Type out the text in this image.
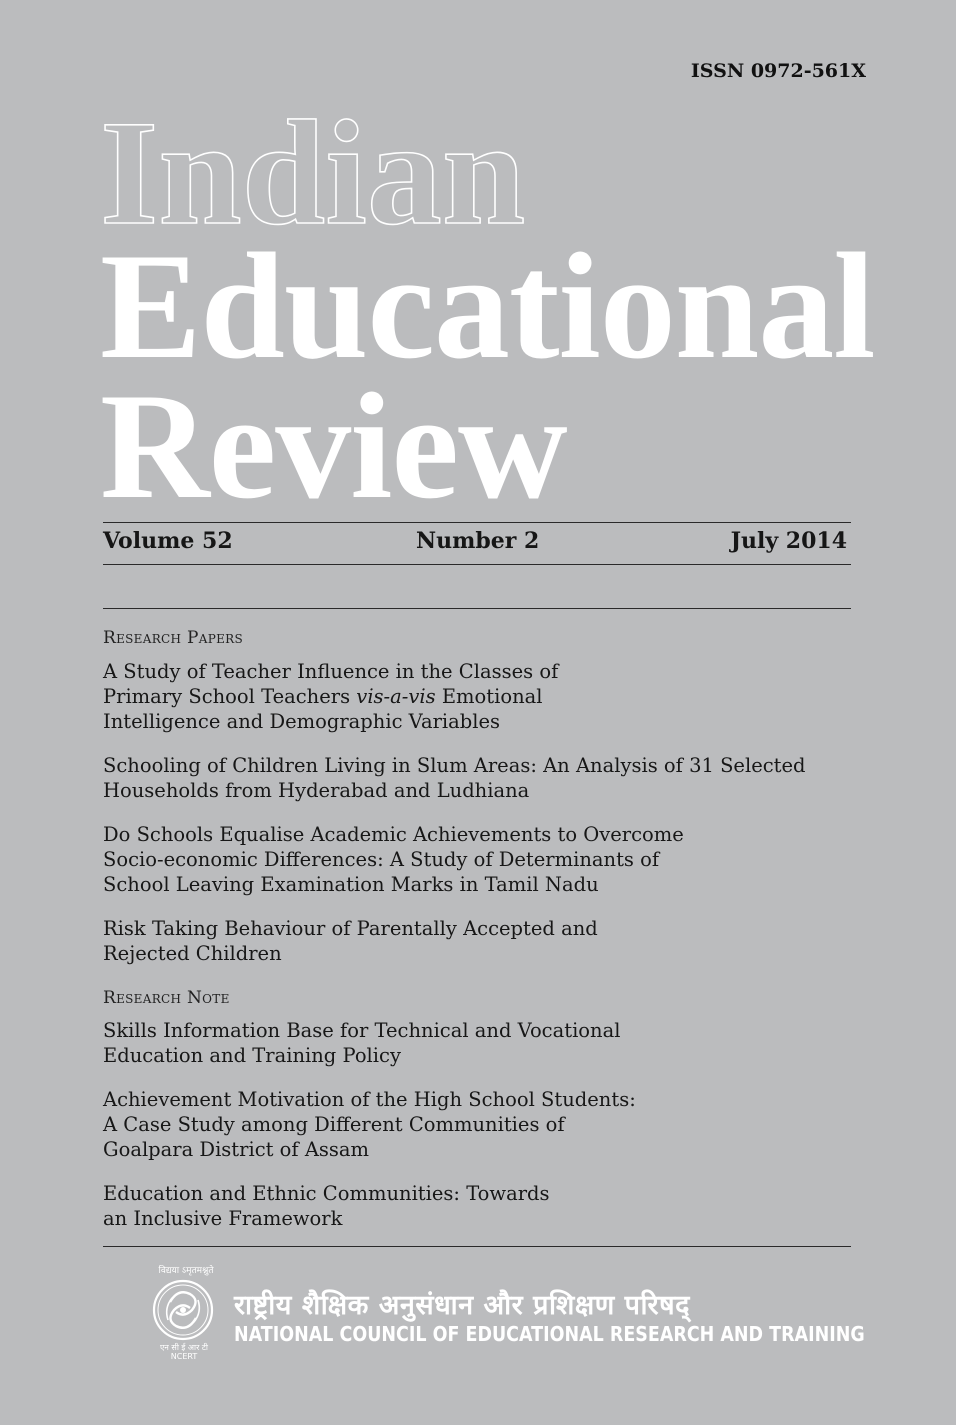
ISSN 0972-561X
Indian
Educational
Review
Volume 52	Number 2	July 2014
Research Papers
A Study of Teacher Influence in the Classes of
Primary School Teachers vis-a-vis Emotional
Intelligence and Demographic Variables
Schooling of Children Living in Slum Areas: An Analysis of 31 Selected
Households from Hyderabad and Ludhiana
Do Schools Equalise Academic Achievements to Overcome
Socio-economic Differences: A Study of Determinants of
School Leaving Examination Marks in Tamil Nadu
Risk Taking Behaviour of Parentally Accepted and
Rejected Children
Research Note
Skills Information Base for Technical and Vocational
Education and Training Policy
Achievement Motivation of the High School Students:
A Case Study among Different Communities of
Goalpara District of Assam
Education and Ethnic Communities: Towards
an Inclusive Framework
विद्यया ऽमृतमश्नुते
एन सी ई आर टी
NCERT
राष्ट्रीय शैक्षिक अनुसंधान और प्रशिक्षण परिषद्
NATIONAL COUNCIL OF EDUCATIONAL RESEARCH AND TRAINING
